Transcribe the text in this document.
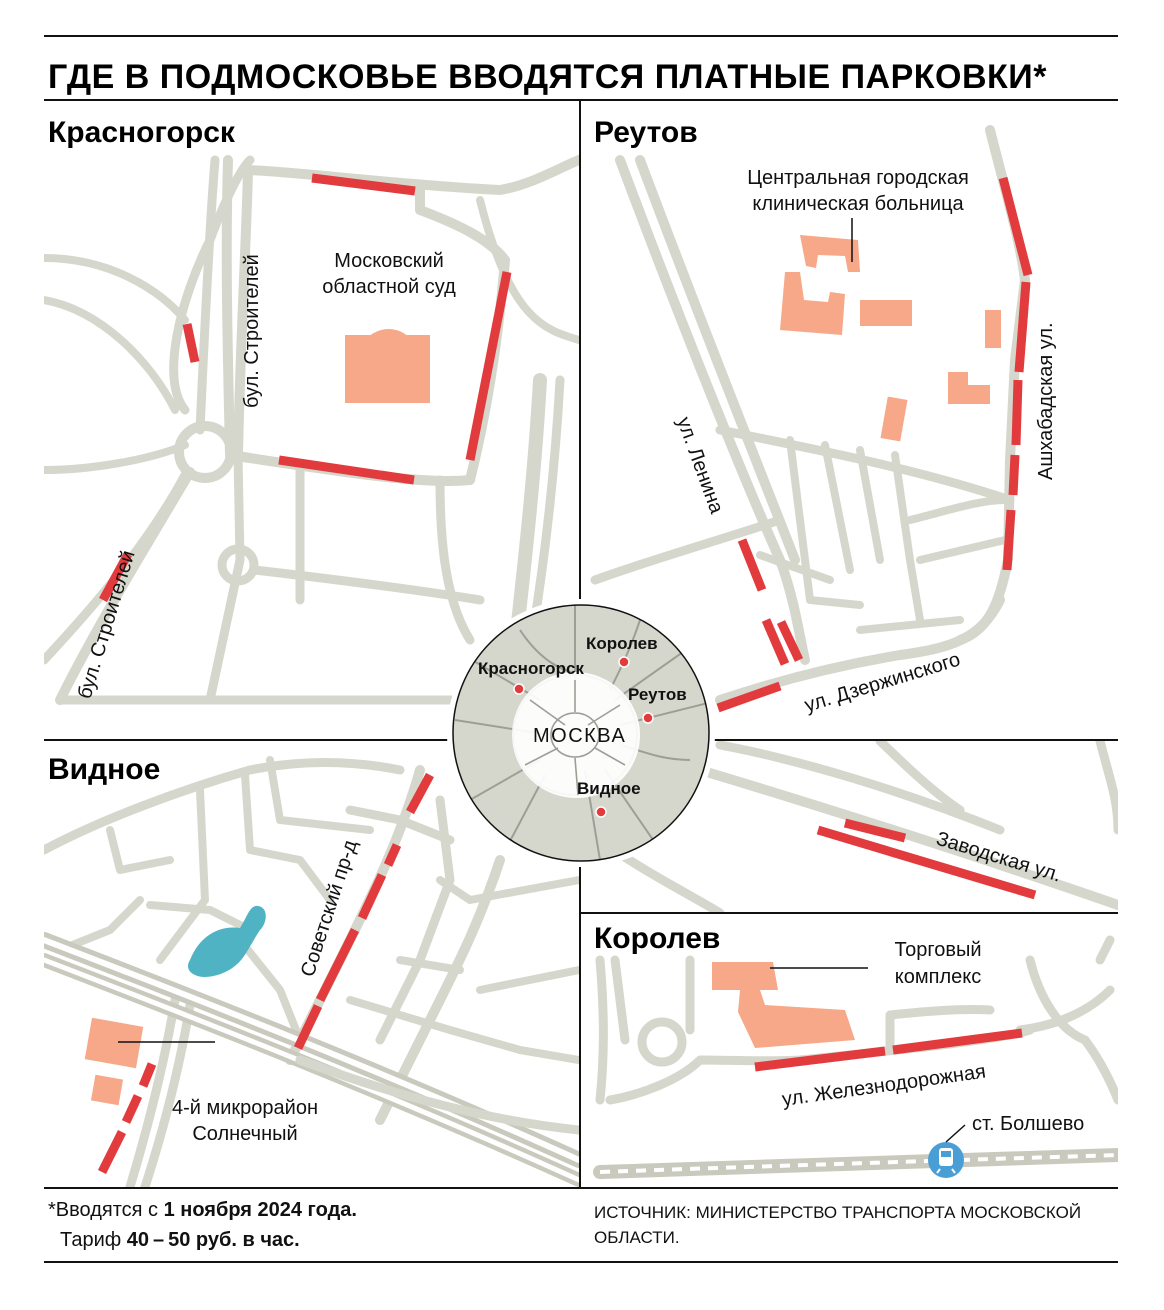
Королев
Красногорск
Реутов
Видное
МОСКВА
ГДЕ В ПОДМОСКОВЬЕ ВВОДЯТСЯ ПЛАТНЫЕ ПАРКОВКИ*
Красногорск	Реутов
Видное
Королев
Московский
областной суд
бул. Строителей
бул. Строителей
Центральная городская
клиническая больница
ул. Ленина	Ашхабадская ул.
ул. Дзержинского
Советский пр-д
4-й микрорайон
Солнечный
Заводская ул.
Торговый
комплекс
ул. Железнодорожная
ст. Болшево
*Вводятся с 1 ноября 2024 года.
Тариф 40 – 50 руб. в час.
ИСТОЧНИК: МИНИСТЕРСТВО ТРАНСПОРТА МОСКОВСКОЙ
ОБЛАСТИ.
